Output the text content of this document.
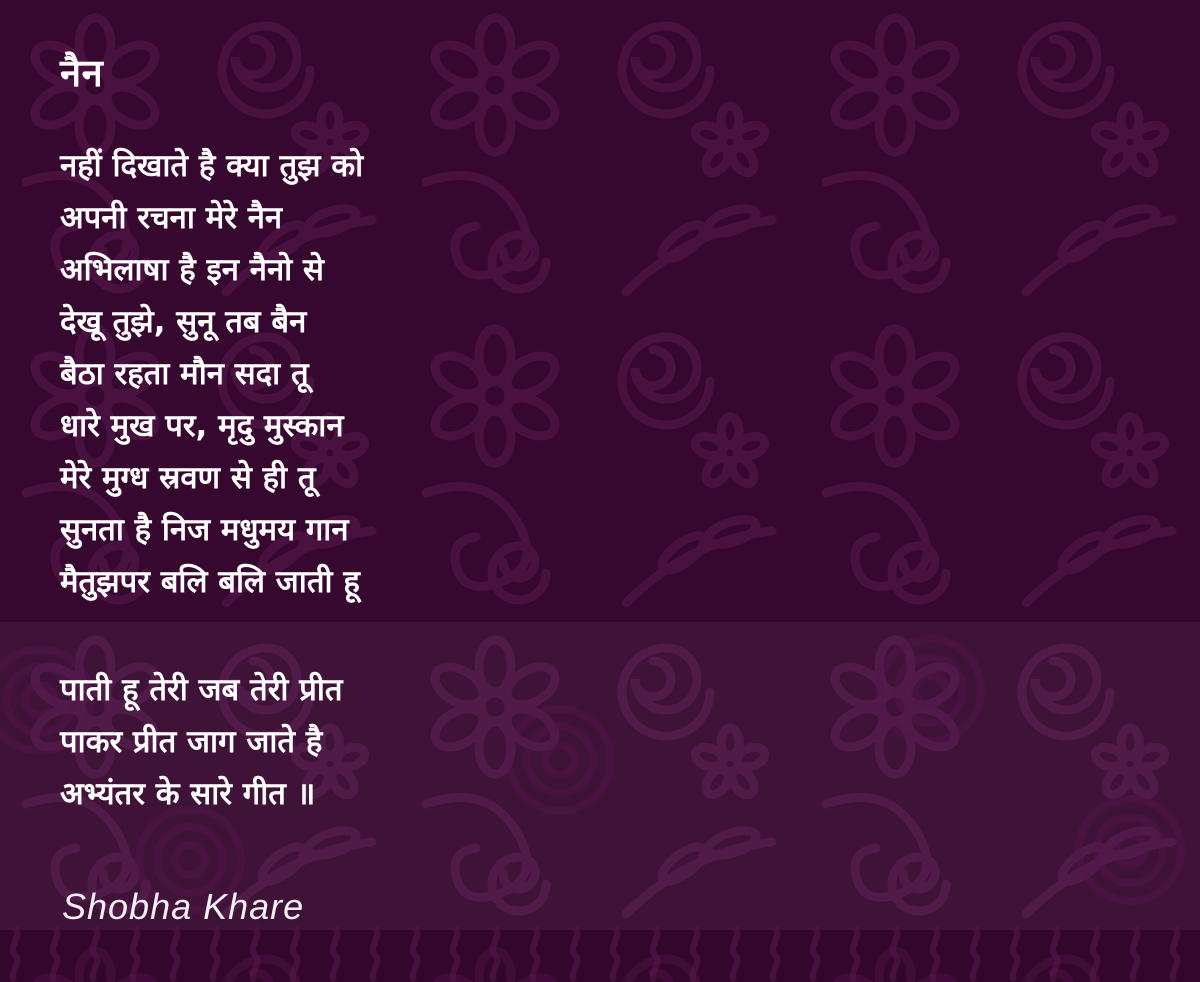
नैन
नहीं दिखाते है क्या तुझ को
अपनी रचना मेरे नैन
अभिलाषा है इन नैनो से
देखू तुझे, सुनू तब बैन
बैठा रहता मौन सदा तू
धारे मुख पर, मृदु मुस्कान
मेरे मुग्ध स्रवण से ही तू
सुनता है निज मधुमय गान
मैतुझपर बलि बलि जाती हू
पाती हू तेरी जब तेरी प्रीत
पाकर प्रीत जाग जाते है
अभ्यंतर के सारे गीत ॥
Shobha Khare
